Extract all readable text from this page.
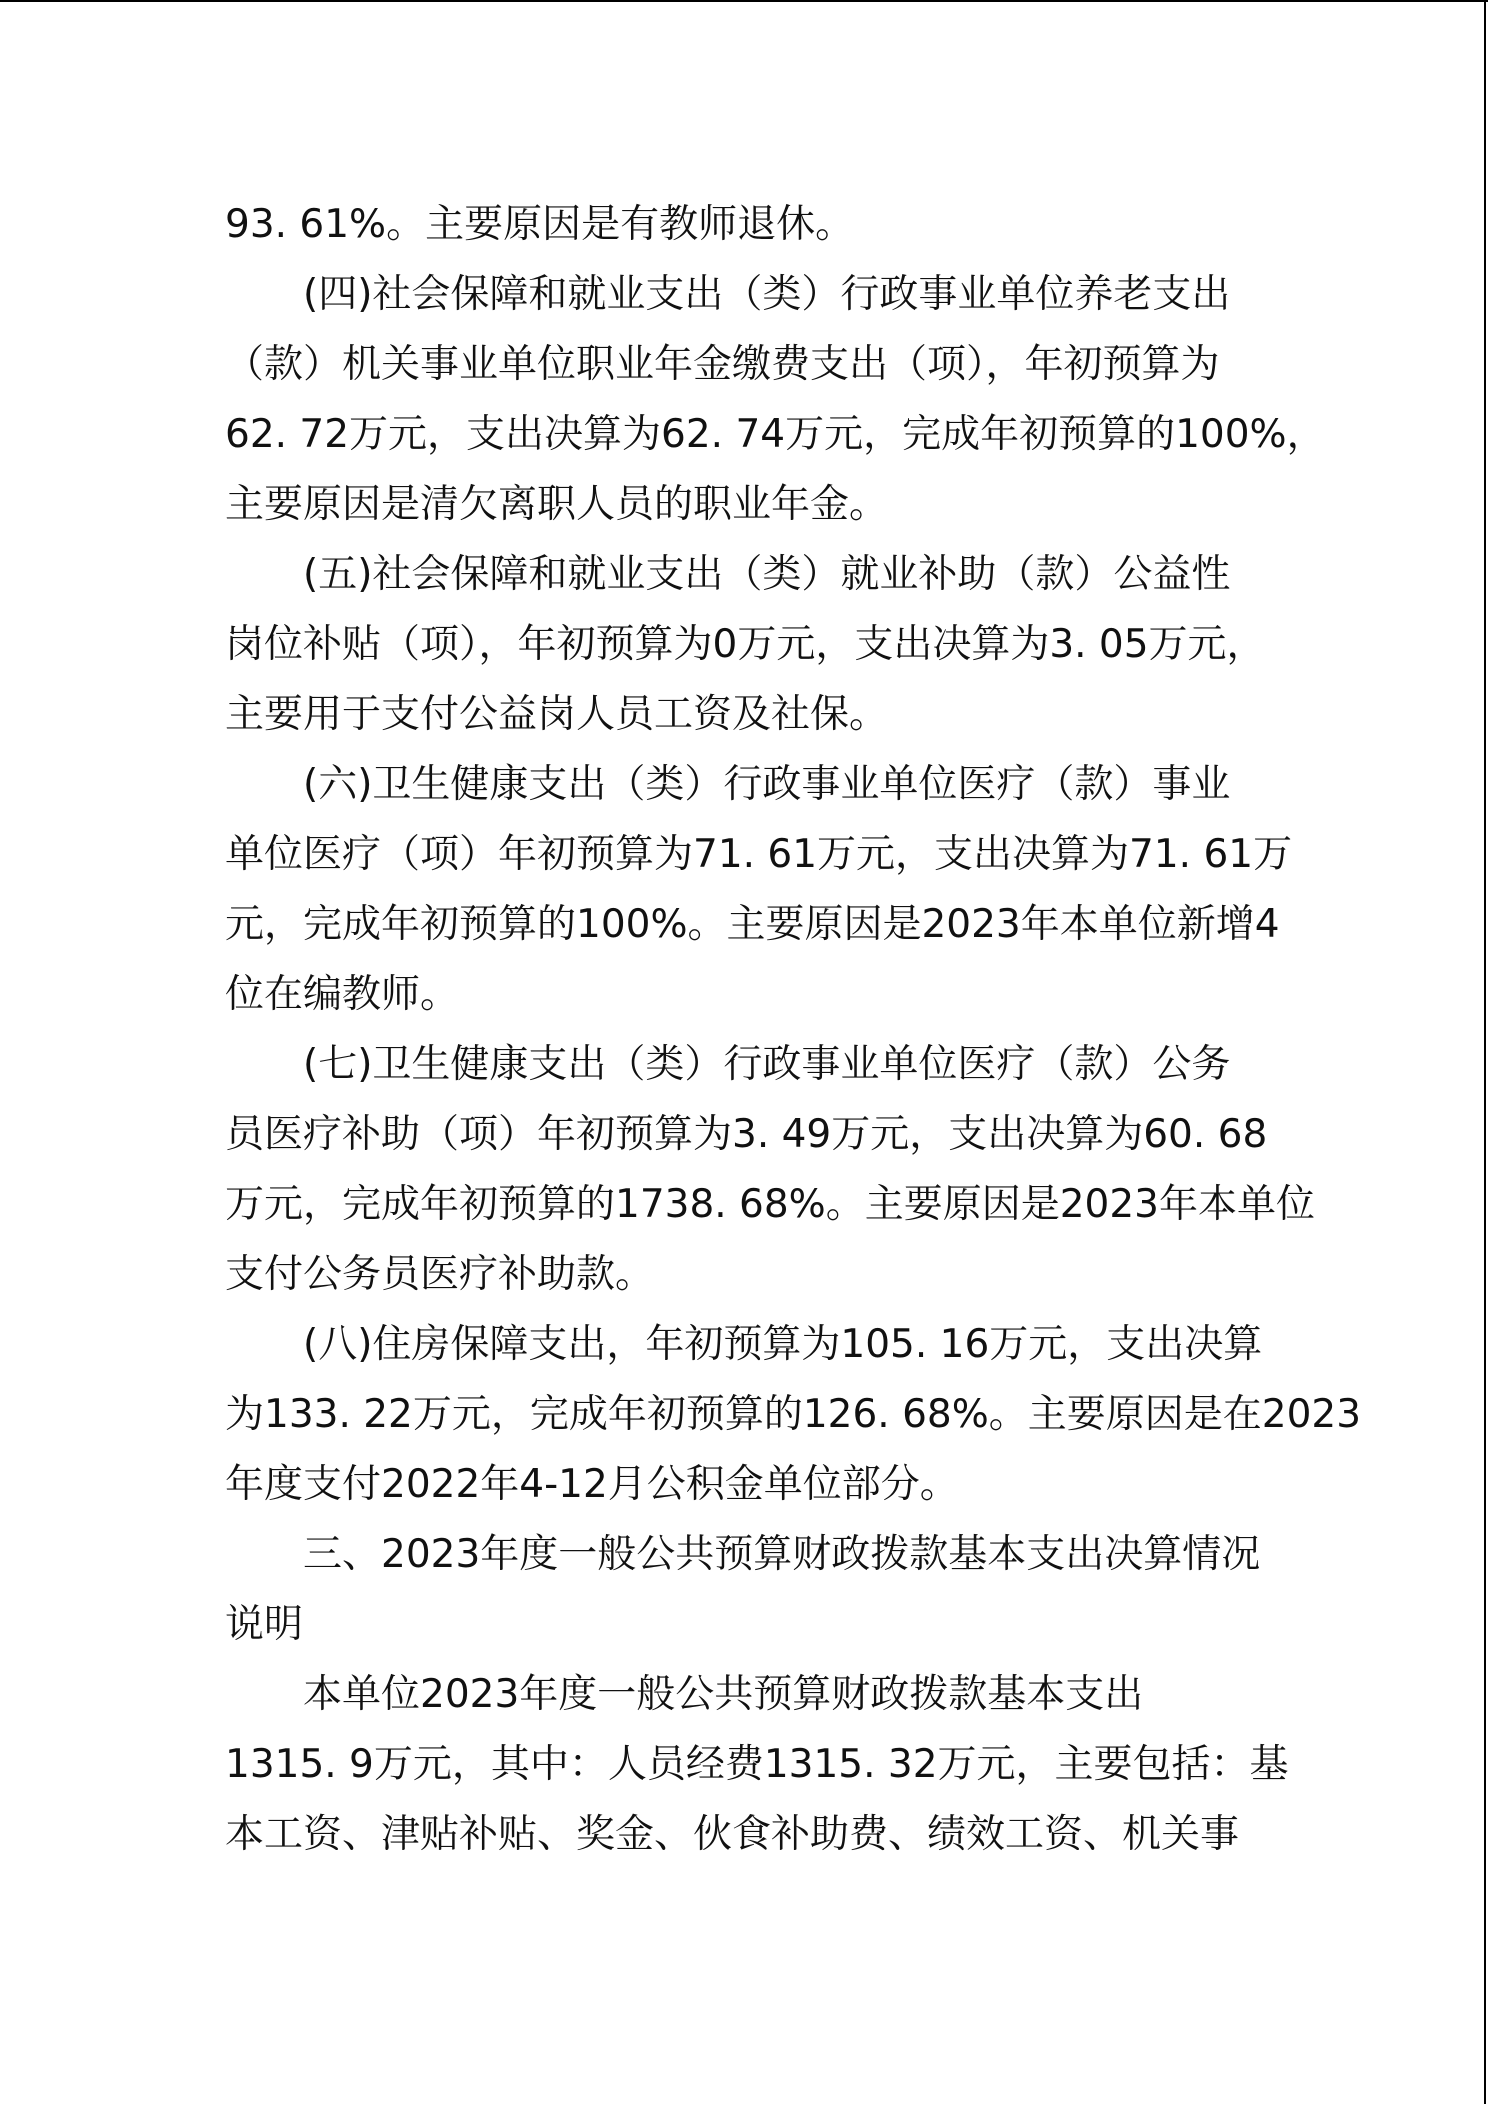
93. 61%。主要原因是有教师退休。
(四)社会保障和就业支出（类）行政事业单位养老支出
（款）机关事业单位职业年金缴费支出（项），年初预算为
62. 72万元，支出决算为62. 74万元，完成年初预算的100%，
主要原因是清欠离职人员的职业年金。
(五)社会保障和就业支出（类）就业补助（款）公益性
岗位补贴（项），年初预算为0万元，支出决算为3. 05万元，
主要用于支付公益岗人员工资及社保。
(六)卫生健康支出（类）行政事业单位医疗（款）事业
单位医疗（项）年初预算为71. 61万元，支出决算为71. 61万
元，完成年初预算的100%。主要原因是2023年本单位新增4
位在编教师。
(七)卫生健康支出（类）行政事业单位医疗（款）公务
员医疗补助（项）年初预算为3. 49万元，支出决算为60. 68
万元，完成年初预算的1738. 68%。主要原因是2023年本单位
支付公务员医疗补助款。
(八)住房保障支出，年初预算为105. 16万元，支出决算
为133. 22万元，完成年初预算的126. 68%。主要原因是在2023
年度支付2022年4-12月公积金单位部分。
三、2023年度一般公共预算财政拨款基本支出决算情况
说明
本单位2023年度一般公共预算财政拨款基本支出
1315. 9万元，其中：人员经费1315. 32万元，主要包括：基
本工资、津贴补贴、奖金、伙食补助费、绩效工资、机关事
